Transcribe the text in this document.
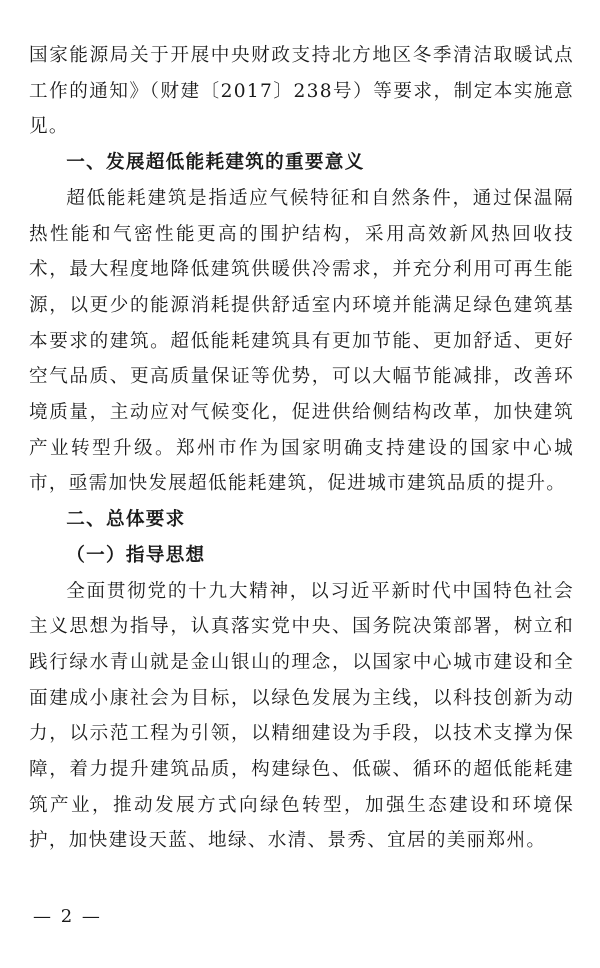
国家能源局关于开展中央财政支持北方地区冬季清洁取暖试点工作的通知》（财建〔2017〕238号）等要求，制定本实施意见。

一、发展超低能耗建筑的重要意义

超低能耗建筑是指适应气候特征和自然条件，通过保温隔热性能和气密性能更高的围护结构，采用高效新风热回收技术，最大程度地降低建筑供暖供冷需求，并充分利用可再生能源，以更少的能源消耗提供舒适室内环境并能满足绿色建筑基本要求的建筑。超低能耗建筑具有更加节能、更加舒适、更好空气品质、更高质量保证等优势，可以大幅节能减排，改善环境质量，主动应对气候变化，促进供给侧结构改革，加快建筑产业转型升级。郑州市作为国家明确支持建设的国家中心城市，亟需加快发展超低能耗建筑，促进城市建筑品质的提升。

二、总体要求

（一）指导思想

全面贯彻党的十九大精神，以习近平新时代中国特色社会主义思想为指导，认真落实党中央、国务院决策部署，树立和践行绿水青山就是金山银山的理念，以国家中心城市建设和全面建成小康社会为目标，以绿色发展为主线，以科技创新为动力，以示范工程为引领，以精细建设为手段，以技术支撑为保障，着力提升建筑品质，构建绿色、低碳、循环的超低能耗建筑产业，推动发展方式向绿色转型，加强生态建设和环境保护，加快建设天蓝、地绿、水清、景秀、宜居的美丽郑州。

— 2 —
